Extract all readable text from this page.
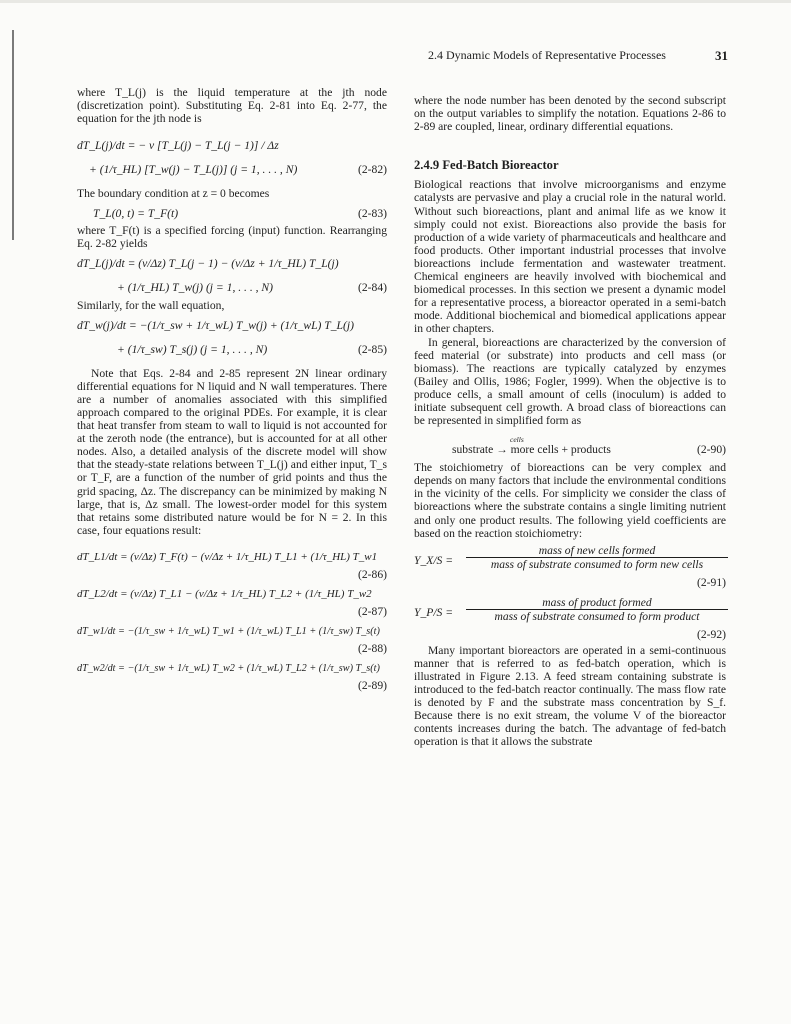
2.4 Dynamic Models of Representative Processes	31

where T_L(j) is the liquid temperature at the jth node (discretization point). Substituting Eq. 2-81 into Eq. 2-77, the equation for the jth node is

dT_L(j)/dt = − v [T_L(j) − T_L(j − 1)] / Δz
+ (1/τ_HL) [T_w(j) − T_L(j)] (j = 1, . . . , N)	(2-82)

The boundary condition at z = 0 becomes

T_L(0, t) = T_F(t)	(2-83)

where T_F(t) is a specified forcing (input) function. Rearranging Eq. 2-82 yields

dT_L(j)/dt = (v/Δz) T_L(j − 1) − (v/Δz + 1/τ_HL) T_L(j)
+ (1/τ_HL) T_w(j) (j = 1, . . . , N)	(2-84)

Similarly, for the wall equation,

dT_w(j)/dt = −(1/τ_sw + 1/τ_wL) T_w(j) + (1/τ_wL) T_L(j)
+ (1/τ_sw) T_s(j) (j = 1, . . . , N)	(2-85)

Note that Eqs. 2-84 and 2-85 represent 2N linear ordinary differential equations for N liquid and N wall temperatures. There are a number of anomalies associated with this simplified approach compared to the original PDEs. For example, it is clear that heat transfer from steam to wall to liquid is not accounted for at the zeroth node (the entrance), but is accounted for at all other nodes. Also, a detailed analysis of the discrete model will show that the steady-state relations between T_L(j) and either input, T_s or T_F, are a function of the number of grid points and thus the grid spacing, Δz. The discrepancy can be minimized by making N large, that is, Δz small. The lowest-order model for this system that retains some distributed nature would be for N = 2. In this case, four equations result:

dT_L1/dt = (v/Δz) T_F(t) − (v/Δz + 1/τ_HL) T_L1 + (1/τ_HL) T_w1
(2-86)
dT_L2/dt = (v/Δz) T_L1 − (v/Δz + 1/τ_HL) T_L2 + (1/τ_HL) T_w2
(2-87)
dT_w1/dt = −(1/τ_sw + 1/τ_wL) T_w1 + (1/τ_wL) T_L1 + (1/τ_sw) T_s(t)
(2-88)
dT_w2/dt = −(1/τ_sw + 1/τ_wL) T_w2 + (1/τ_wL) T_L2 + (1/τ_sw) T_s(t)
(2-89)

where the node number has been denoted by the second subscript on the output variables to simplify the notation. Equations 2-86 to 2-89 are coupled, linear, ordinary differential equations.

2.4.9 Fed-Batch Bioreactor

Biological reactions that involve microorganisms and enzyme catalysts are pervasive and play a crucial role in the natural world. Without such bioreactions, plant and animal life as we know it simply could not exist. Bioreactions also provide the basis for production of a wide variety of pharmaceuticals and healthcare and food products. Other important industrial processes that involve bioreactions include fermentation and wastewater treatment. Chemical engineers are heavily involved with biochemical and biomedical processes. In this section we present a dynamic model for a representative process, a bioreactor operated in a semi-batch mode. Additional biochemical and biomedical applications appear in other chapters.

In general, bioreactions are characterized by the conversion of feed material (or substrate) into products and cell mass (or biomass). The reactions are typically catalyzed by enzymes (Bailey and Ollis, 1986; Fogler, 1999). When the objective is to produce cells, a small amount of cells (inoculum) is added to initiate subsequent cell growth. A broad class of bioreactions can be represented in simplified form as

cells
substrate → more cells + products	(2-90)

The stoichiometry of bioreactions can be very complex and depends on many factors that include the environmental conditions in the vicinity of the cells. For simplicity we consider the class of bioreactions where the substrate contains a single limiting nutrient and only one product results. The following yield coefficients are based on the reaction stoichiometry:

Y_X/S =
mass of new cells formed
mass of substrate consumed to form new cells
(2-91)
Y_P/S =
mass of product formed
mass of substrate consumed to form product
(2-92)

Many important bioreactors are operated in a semi-continuous manner that is referred to as fed-batch operation, which is illustrated in Figure 2.13. A feed stream containing substrate is introduced to the fed-batch reactor continually. The mass flow rate is denoted by F and the substrate mass concentration by S_f. Because there is no exit stream, the volume V of the bioreactor contents increases during the batch. The advantage of fed-batch operation is that it allows the substrate
